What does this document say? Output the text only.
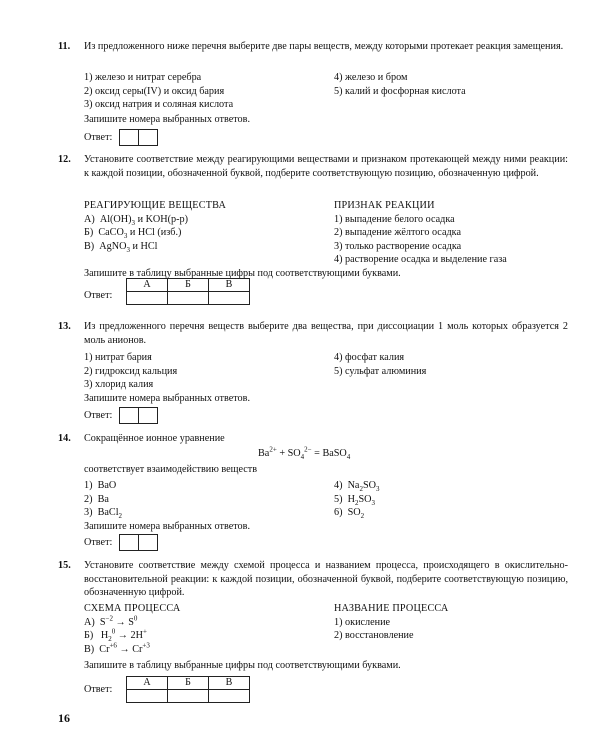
11.	Из предложенного ниже перечня выберите две пары веществ, между которыми протекает реакция замещения.
1) железо и нитрат серебра
2) оксид серы(IV) и оксид бария
3) оксид натрия и соляная кислота
4) железо и бром
5) калий и фосфорная кислота
Запишите номера выбранных ответов.
Ответ:
12.	Установите соответствие между реагирующими веществами и признаком протекающей между ними реакции: к каждой позиции, обозначенной буквой, подберите соответствующую позицию, обозначенную цифрой.
РЕАГИРУЮЩИЕ ВЕЩЕСТВА
А)  $Al(OH)_3$ и KOH(р-р)
Б)  CaCO$_3$ и HCl (изб.)
В)  AgNO$_3$ и HCl
ПРИЗНАК РЕАКЦИИ
1) выпадение белого осадка
2) выпадение жёлтого осадка
3) только растворение осадка
4) растворение осадка и выделение газа
Запишите в таблицу выбранные цифры под соответствующими буквами.
Ответ:
А	Б	В

13.	Из предложенного перечня веществ выберите два вещества, при диссоциации 1 моль которых образуется 2 моль анионов.
1) нитрат бария
2) гидроксид кальция
3) хлорид калия
4) фосфат калия
5) сульфат алюминия
Запишите номера выбранных ответов.
Ответ:
14.	Сокращённое ионное уравнение
$Ba^{2+} + SO_4^{2-}$ = BaSO$_4$
соответствует взаимодействию веществ
1)  BaO
2)  Ba
3)  BaCl$_2$
4)  $Na_2SO_3$
5)  $H_2SO_3$
6)  $SO_2$
Запишите номера выбранных ответов.
Ответ:
15.	Установите соответствие между схемой процесса и названием процесса, происходящего в окислительно-восстановительной реакции: к каждой позиции, обозначенной буквой, подберите соответствующую позицию, обозначенную цифрой.
СХЕМА ПРОЦЕССА
А)  $S^{-2} \to S^0$
Б)   $H_2^0 \to 2H^+$
В)  $Cr^{+6} \to Cr^{+3}$
НАЗВАНИЕ ПРОЦЕССА
1) окисление
2) восстановление
Запишите в таблицу выбранные цифры под соответствующими буквами.
Ответ:
А	Б	В

16
